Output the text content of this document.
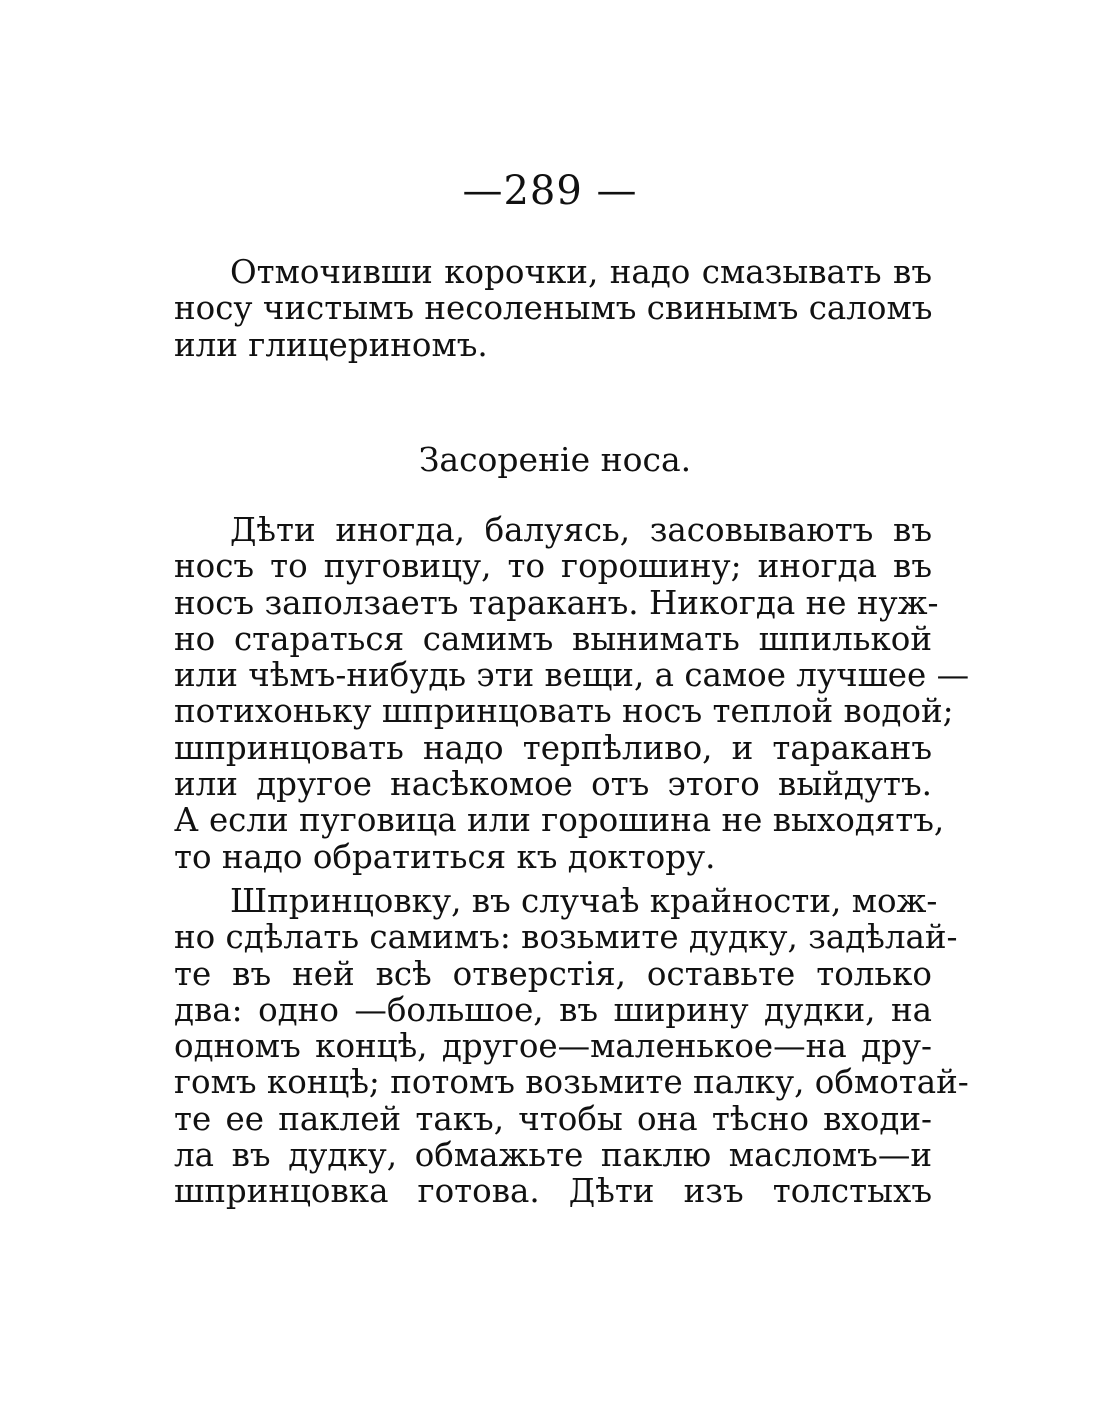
—289 —
Отмочивши корочки, надо смазывать въ
носу чистымъ несоленымъ свинымъ саломъ
или глицериномъ.
Засоренiе носа.
Дѣти иногда, балуясь, засовываютъ въ
носъ то пуговицу, то горошину; иногда въ
носъ заползаетъ тараканъ. Никогда не нуж-
но стараться самимъ вынимать шпилькой
или чѣмъ-нибудь эти вещи, а самое лучшее —
потихоньку шпринцовать носъ теплой водой;
шпринцовать надо терпѣливо, и тараканъ
или другое насѣкомое отъ этого выйдутъ.
А если пуговица или горошина не выходятъ,
то надо обратиться къ доктору.
Шпринцовку, въ случаѣ крайности, мож-
но сдѣлать самимъ: возьмите дудку, задѣлай-
те въ ней всѣ отверстiя, оставьте только
два: одно —большое, въ ширину дудки, на
одномъ концѣ, другое—маленькое—на дру-
гомъ концѣ; потомъ возьмите палку, обмотай-
те ее паклей такъ, чтобы она тѣсно входи-
ла въ дудку, обмажьте паклю масломъ—и
шпринцовка готова. Дѣти изъ толстыхъ
